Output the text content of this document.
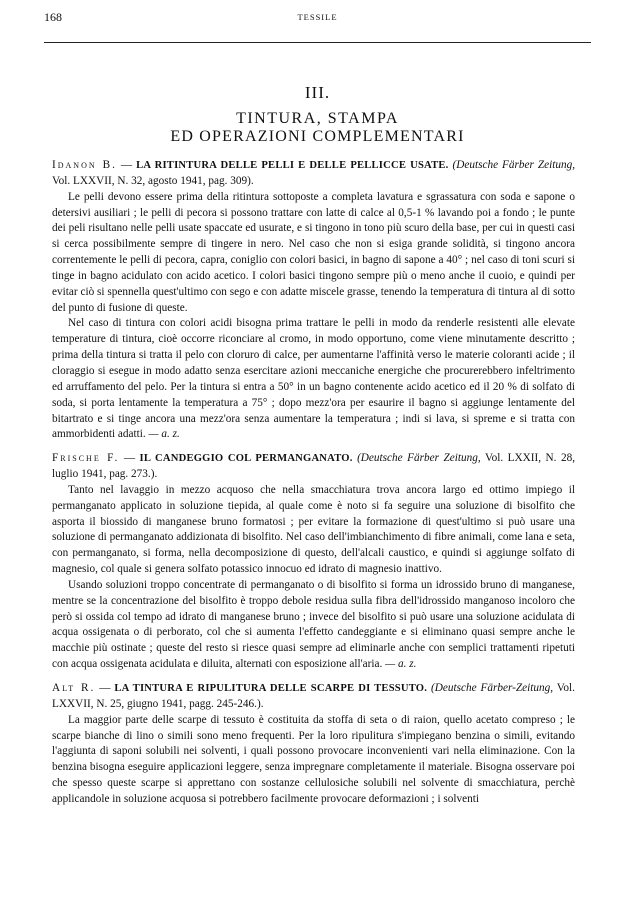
168	TESSILE
III.
TINTURA, STAMPA
ED OPERAZIONI COMPLEMENTARI

Idanon B. — LA RITINTURA DELLE PELLI E DELLE PELLICCE USATE. (Deutsche Färber Zeitung, Vol. LXXVII, N. 32, agosto 1941, pag. 309).

Le pelli devono essere prima della ritintura sottoposte a completa lavatura e sgrassatura con soda e sapone o detersivi ausiliari ; le pelli di pecora si possono trattare con latte di calce al 0,5-1 % lavando poi a fondo ; le punte dei peli risultano nelle pelli usate spaccate ed usurate, e si tingono in tono più scuro della base, per cui in questi casi si cerca possibilmente sempre di tingere in nero. Nel caso che non si esiga grande solidità, si tingono ancora correntemente le pelli di pecora, capra, coniglio con colori basici, in bagno di sapone a 40° ; nel caso di toni scuri si tinge in bagno acidulato con acido acetico. I colori basici tingono sempre più o meno anche il cuoio, e quindi per evitar ciò si spennella quest'ultimo con sego e con adatte miscele grasse, tenendo la temperatura di tintura al di sotto del punto di fusione di queste.

Nel caso di tintura con colori acidi bisogna prima trattare le pelli in modo da renderle resistenti alle elevate temperature di tintura, cioè occorre riconciare al cromo, in modo opportuno, come viene minutamente descritto ; prima della tintura si tratta il pelo con cloruro di calce, per aumentarne l'affinità verso le materie coloranti acide ; il cloraggio si esegue in modo adatto senza esercitare azioni meccaniche energiche che procurerebbero infeltrimento ed arruffamento del pelo. Per la tintura si entra a 50° in un bagno contenente acido acetico ed il 20 % di solfato di soda, si porta lentamente la temperatura a 75° ; dopo mezz'ora per esaurire il bagno si aggiunge lentamente del bitartrato e si tinge ancora una mezz'ora senza aumentare la temperatura ; indi si lava, si spreme e si tratta con ammorbidenti adatti. — a. z.

Frische F. — IL CANDEGGIO COL PERMANGANATO. (Deutsche Färber Zeitung, Vol. LXXII, N. 28, luglio 1941, pag. 273.).

Tanto nel lavaggio in mezzo acquoso che nella smacchiatura trova ancora largo ed ottimo impiego il permanganato applicato in soluzione tiepida, al quale come è noto si fa seguire una soluzione di bisolfito che asporta il biossido di manganese bruno formatosi ; per evitare la formazione di quest'ultimo si può usare una soluzione di permanganato addizionata di bisolfito. Nel caso dell'imbianchimento di fibre animali, come lana e seta, con permanganato, si forma, nella decomposizione di questo, dell'alcali caustico, e quindi si aggiunge solfato di magnesio, col quale si genera solfato potassico innocuo ed idrato di magnesio inattivo.

Usando soluzioni troppo concentrate di permanganato o di bisolfito si forma un idrossido bruno di manganese, mentre se la concentrazione del bisolfito è troppo debole residua sulla fibra dell'idrossido manganoso incoloro che però si ossida col tempo ad idrato di manganese bruno ; invece del bisolfito si può usare una soluzione acidulata di acqua ossigenata o di perborato, col che si aumenta l'effetto candeggiante e si eliminano quasi sempre anche le macchie più ostinate ; queste del resto si riesce quasi sempre ad eliminarle anche con semplici trattamenti ripetuti con acqua ossigenata acidulata e diluita, alternati con esposizione all'aria. — a. z.

Alt R. — LA TINTURA E RIPULITURA DELLE SCARPE DI TESSUTO. (Deutsche Färber-Zeitung, Vol. LXXVII, N. 25, giugno 1941, pagg. 245-246.).

La maggior parte delle scarpe di tessuto è costituita da stoffa di seta o di raion, quello acetato compreso ; le scarpe bianche di lino o simili sono meno frequenti. Per la loro ripulitura s'impiegano benzina o simili, evitando l'aggiunta di saponi solubili nei solventi, i quali possono provocare inconvenienti vari nella eliminazione. Con la benzina bisogna eseguire applicazioni leggere, senza impregnare completamente il materiale. Bisogna osservare poi che spesso queste scarpe si apprettano con sostanze cellulosiche solubili nel solvente di smacchiatura, perchè applicandole in soluzione acquosa si potrebbero facilmente provocare deformazioni ; i solventi
